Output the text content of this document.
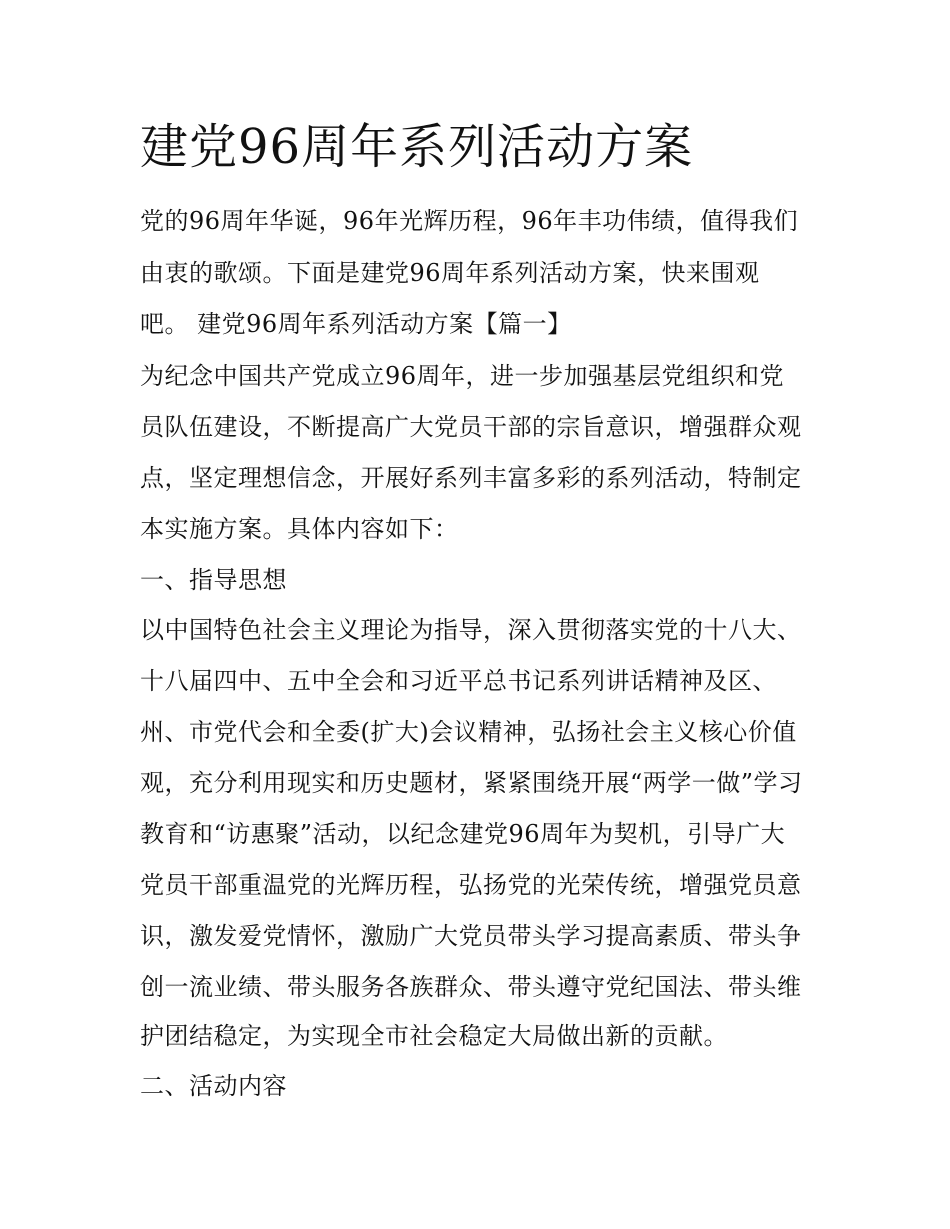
建党96周年系列活动方案

党的96周年华诞，96年光辉历程，96年丰功伟绩，值得我们

由衷的歌颂。下面是建党96周年系列活动方案，快来围观

吧。 建党96周年系列活动方案【篇一】

为纪念中国共产党成立96周年，进一步加强基层党组织和党

员队伍建设，不断提高广大党员干部的宗旨意识，增强群众观

点，坚定理想信念，开展好系列丰富多彩的系列活动，特制定

本实施方案。具体内容如下：

一、指导思想

以中国特色社会主义理论为指导，深入贯彻落实党的十八大、

十八届四中、五中全会和习近平总书记系列讲话精神及区、

州、市党代会和全委(扩大)会议精神，弘扬社会主义核心价值

观，充分利用现实和历史题材，紧紧围绕开展“两学一做”学习

教育和“访惠聚”活动，以纪念建党96周年为契机，引导广大

党员干部重温党的光辉历程，弘扬党的光荣传统，增强党员意

识，激发爱党情怀，激励广大党员带头学习提高素质、带头争

创一流业绩、带头服务各族群众、带头遵守党纪国法、带头维

护团结稳定，为实现全市社会稳定大局做出新的贡献。

二、活动内容
